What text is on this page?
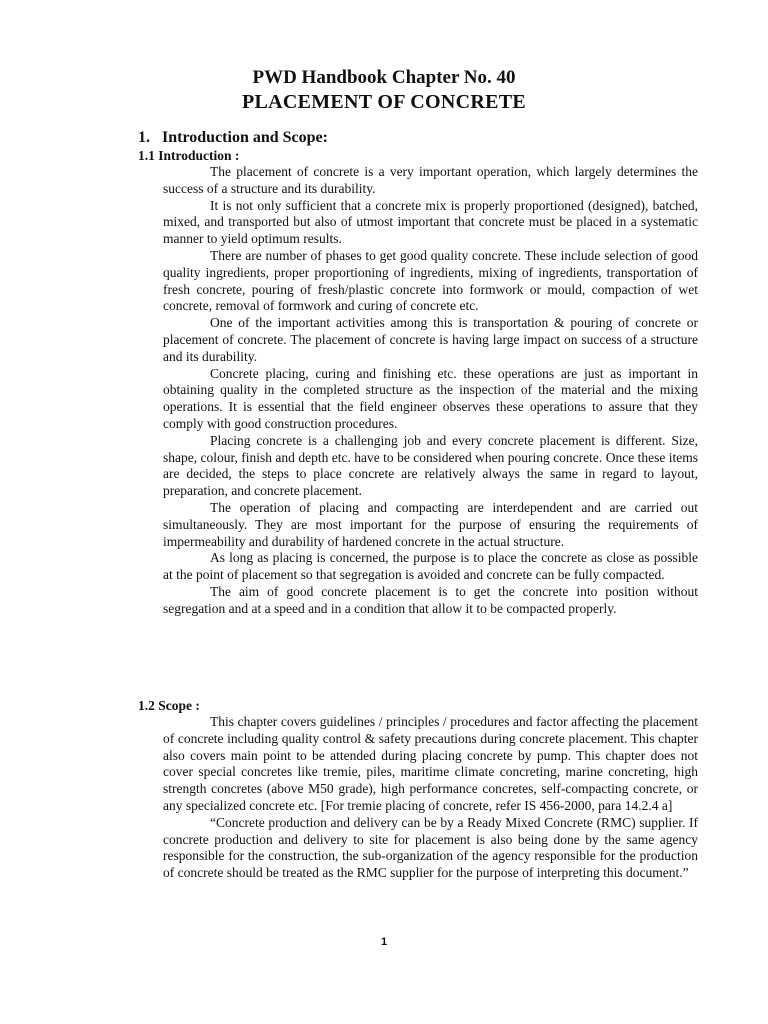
PWD Handbook Chapter No. 40
PLACEMENT OF CONCRETE
1. Introduction and Scope:
1.1 Introduction :

The placement of concrete is a very important operation, which largely determines the success of a structure and its durability.

It is not only sufficient that a concrete mix is properly proportioned (designed), batched, mixed, and transported but also of utmost important that concrete must be placed in a systematic manner to yield optimum results.

There are number of phases to get good quality concrete. These include selection of good quality ingredients, proper proportioning of ingredients, mixing of ingredients, transportation of fresh concrete, pouring of fresh/plastic concrete into formwork or mould, compaction of wet concrete, removal of formwork and curing of concrete etc.

One of the important activities among this is transportation & pouring of concrete or placement of concrete. The placement of concrete is having large impact on success of a structure and its durability.

Concrete placing, curing and finishing etc. these operations are just as important in obtaining quality in the completed structure as the inspection of the material and the mixing operations. It is essential that the field engineer observes these operations to assure that they comply with good construction procedures.

Placing concrete is a challenging job and every concrete placement is different. Size, shape, colour, finish and depth etc. have to be considered when pouring concrete. Once these items are decided, the steps to place concrete are relatively always the same in regard to layout, preparation, and concrete placement.

The operation of placing and compacting are interdependent and are carried out simultaneously. They are most important for the purpose of ensuring the requirements of impermeability and durability of hardened concrete in the actual structure.

As long as placing is concerned, the purpose is to place the concrete as close as possible at the point of placement so that segregation is avoided and concrete can be fully compacted.

The aim of good concrete placement is to get the concrete into position without segregation and at a speed and in a condition that allow it to be compacted properly.

1.2 Scope :

This chapter covers guidelines / principles / procedures and factor affecting the placement of concrete including quality control & safety precautions during concrete placement. This chapter also covers main point to be attended during placing concrete by pump. This chapter does not cover special concretes like tremie, piles, maritime climate concreting, marine concreting, high strength concretes (above M50 grade), high performance concretes, self-compacting concrete, or any specialized concrete etc. [For tremie placing of concrete, refer IS 456-2000, para 14.2.4 a]

“Concrete production and delivery can be by a Ready Mixed Concrete (RMC) supplier. If concrete production and delivery to site for placement is also being done by the same agency responsible for the construction, the sub-organization of the agency responsible for the production of concrete should be treated as the RMC supplier for the purpose of interpreting this document.”

1
